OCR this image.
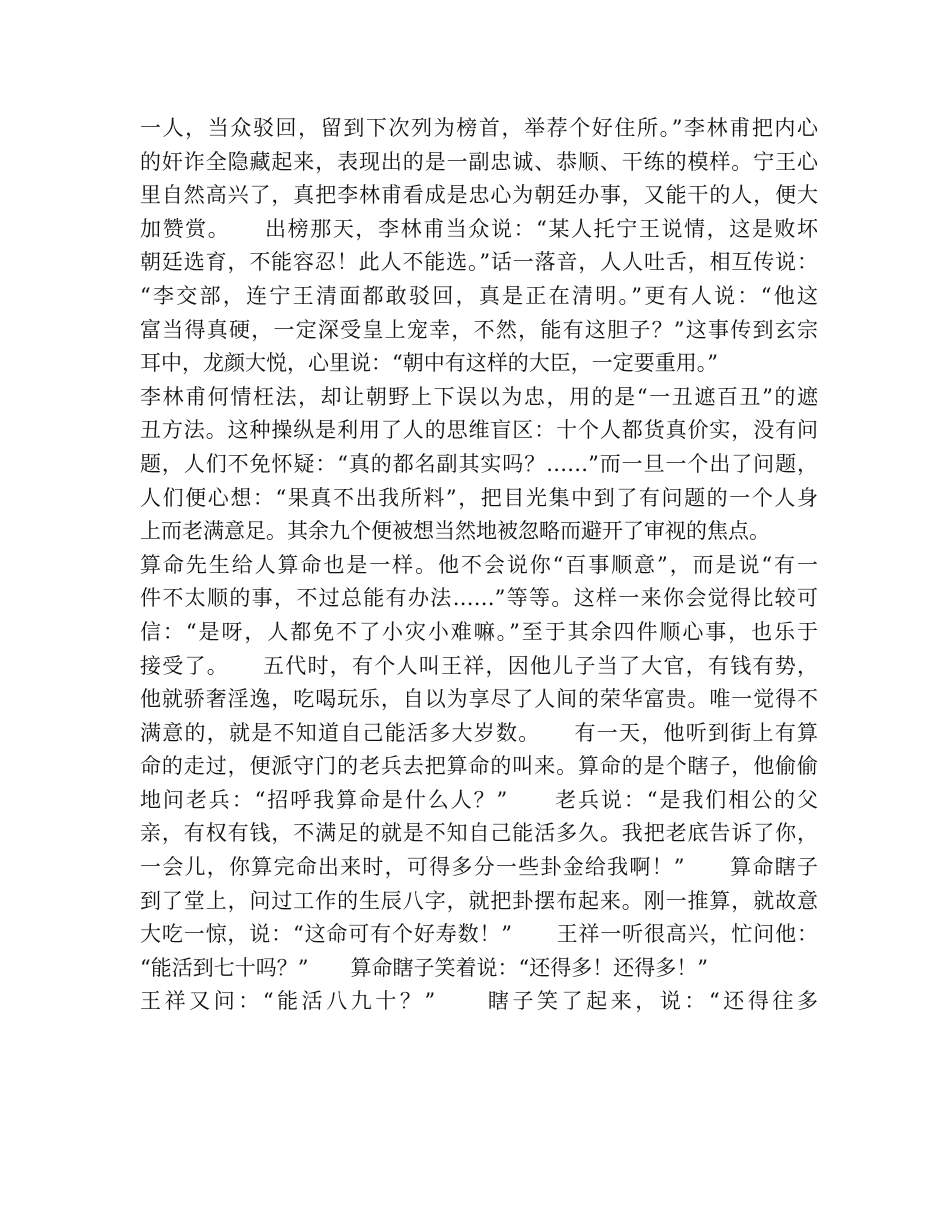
一人，当众驳回，留到下次列为榜首，举荐个好住所。”李林甫把内心
的奸诈全隐藏起来，表现出的是一副忠诚、恭顺、干练的模样。宁王心
里自然高兴了，真把李林甫看成是忠心为朝廷办事，又能干的人，便大
加赞赏。　　出榜那天，李林甫当众说：“某人托宁王说情，这是败坏
朝廷选育，不能容忍！此人不能选。”话一落音，人人吐舌，相互传说：
“李交部，连宁王清面都敢驳回，真是正在清明。”更有人说：“他这
富当得真硬，一定深受皇上宠幸，不然，能有这胆子？”这事传到玄宗
耳中，龙颜大悦，心里说：“朝中有这样的大臣，一定要重用。”
李林甫何情枉法，却让朝野上下误以为忠，用的是“一丑遮百丑”的遮
丑方法。这种操纵是利用了人的思维盲区：十个人都货真价实，没有问
题，人们不免怀疑：“真的都名副其实吗？……”而一旦一个出了问题，
人们便心想：“果真不出我所料”，把目光集中到了有问题的一个人身
上而老满意足。其余九个便被想当然地被忽略而避开了审视的焦点。
算命先生给人算命也是一样。他不会说你“百事顺意”，而是说“有一
件不太顺的事，不过总能有办法……”等等。这样一来你会觉得比较可
信：“是呀，人都免不了小灾小难嘛。”至于其余四件顺心事，也乐于
接受了。　　五代时，有个人叫王祥，因他儿子当了大官，有钱有势，
他就骄奢淫逸，吃喝玩乐，自以为享尽了人间的荣华富贵。唯一觉得不
满意的，就是不知道自己能活多大岁数。　　有一天，他听到街上有算
命的走过，便派守门的老兵去把算命的叫来。算命的是个瞎子，他偷偷
地问老兵：“招呼我算命是什么人？”　　老兵说：“是我们相公的父
亲，有权有钱，不满足的就是不知自己能活多久。我把老底告诉了你，
一会儿，你算完命出来时，可得多分一些卦金给我啊！”　　算命瞎子
到了堂上，问过工作的生辰八字，就把卦摆布起来。刚一推算，就故意
大吃一惊，说：“这命可有个好寿数！”　　王祥一听很高兴，忙问他：
“能活到七十吗？”　　算命瞎子笑着说：“还得多！还得多！”
王祥又问：“能活八九十？”　　瞎子笑了起来，说：“还得往多
